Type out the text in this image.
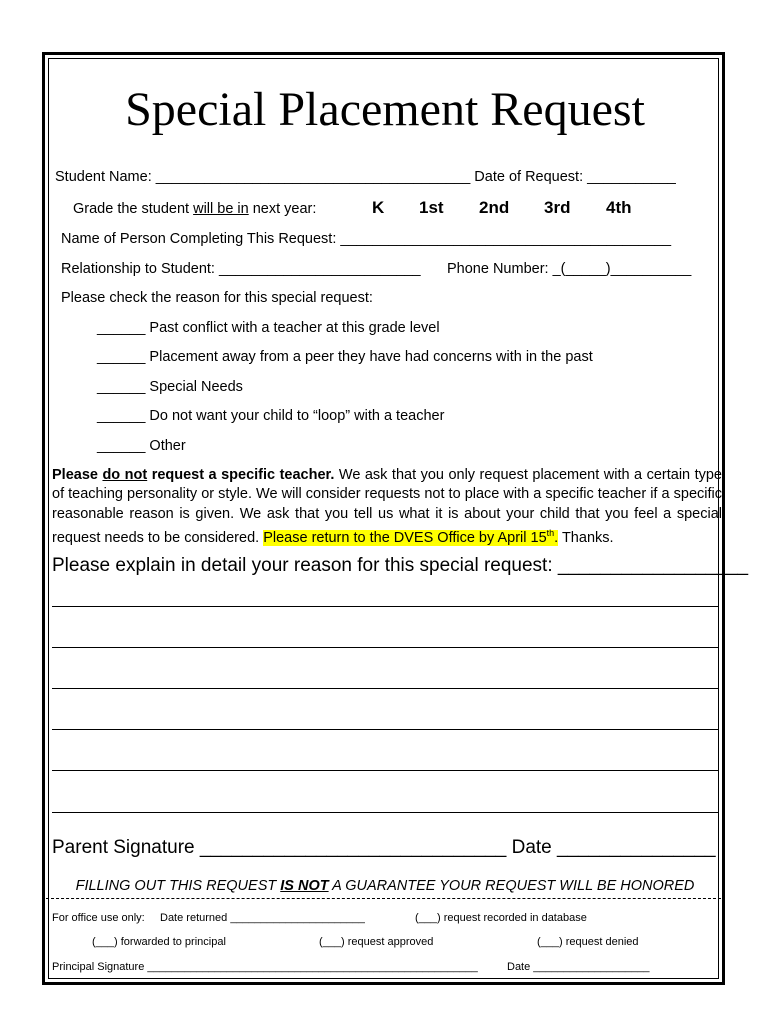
Special Placement Request
Student Name: _______________________________________ Date of Request: ___________
Grade the student will be in next year:	K 1st 2nd 3rd 4th
Name of Person Completing This Request: _________________________________________
Relationship to Student: _________________________ Phone Number: _(_____)__________
Please check the reason for this special request:
______ Past conflict with a teacher at this grade level
______ Placement away from a peer they have had concerns with in the past
______ Special Needs
______ Do not want your child to “loop” with a teacher
______ Other
Please do not request a specific teacher. We ask that you only request placement with a certain type of teaching personality or style. We will consider requests not to place with a specific teacher if a specific reasonable reason is given. We ask that you tell us what it is about your child that you feel a special request needs to be considered. Please return to the DVES Office by April 15th. Thanks.
Please explain in detail your reason for this special request: __________________
Parent Signature _____________________________ Date _______________
FILLING OUT THIS REQUEST IS NOT A GUARANTEE YOUR REQUEST WILL BE HONORED
For office use only: Date returned ______________________	(___) request recorded in database
(___) forwarded to principal	(___) request approved	(___) request denied
Principal Signature ______________________________________________________	Date ___________________
